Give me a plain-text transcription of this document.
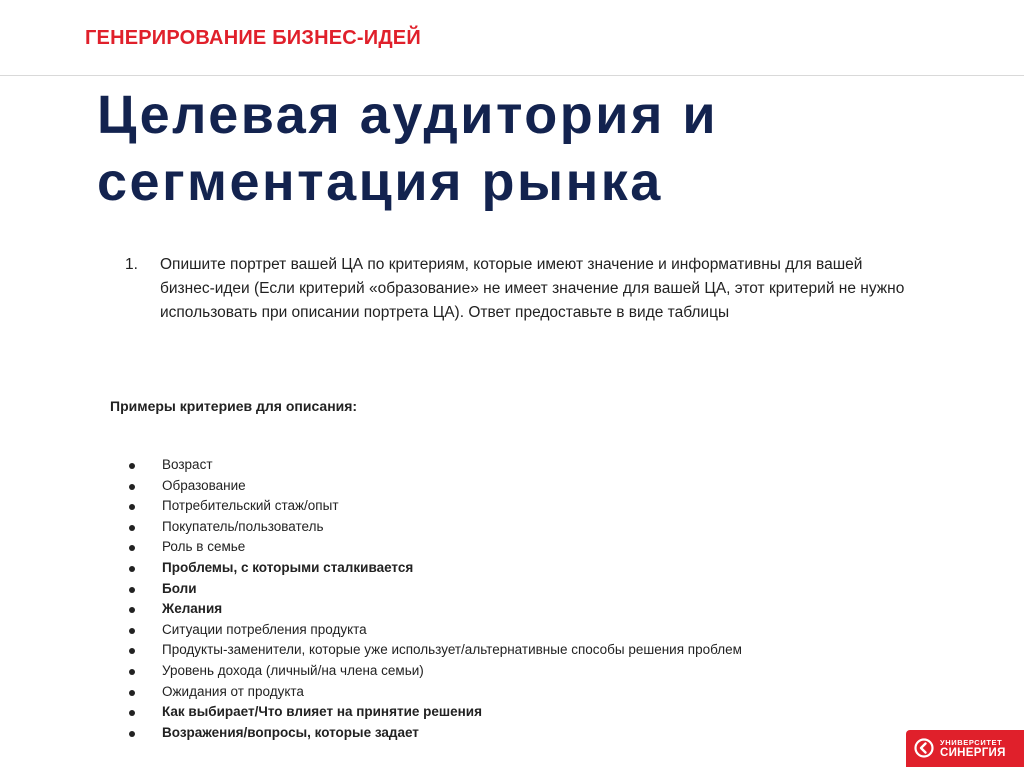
ГЕНЕРИРОВАНИЕ БИЗНЕС-ИДЕЙ
Целевая аудитория и
сегментация рынка
1. Опишите портрет вашей ЦА по критериям, которые имеют значение и информативны для вашей бизнес-идеи (Если критерий «образование» не имеет значение для вашей ЦА, этот критерий не нужно использовать при описании портрета ЦА). Ответ предоставьте в виде таблицы
Примеры критериев для описания:
Возраст
Образование
Потребительский стаж/опыт
Покупатель/пользователь
Роль в семье
Проблемы, с которыми сталкивается
Боли
Желания
Ситуации потребления продукта
Продукты-заменители, которые уже использует/альтернативные способы решения проблем
Уровень дохода (личный/на члена семьи)
Ожидания от продукта
Как выбирает/Что влияет на принятие решения
Возражения/вопросы, которые задает
УНИВЕРСИТЕТ
СИНЕРГИЯ
